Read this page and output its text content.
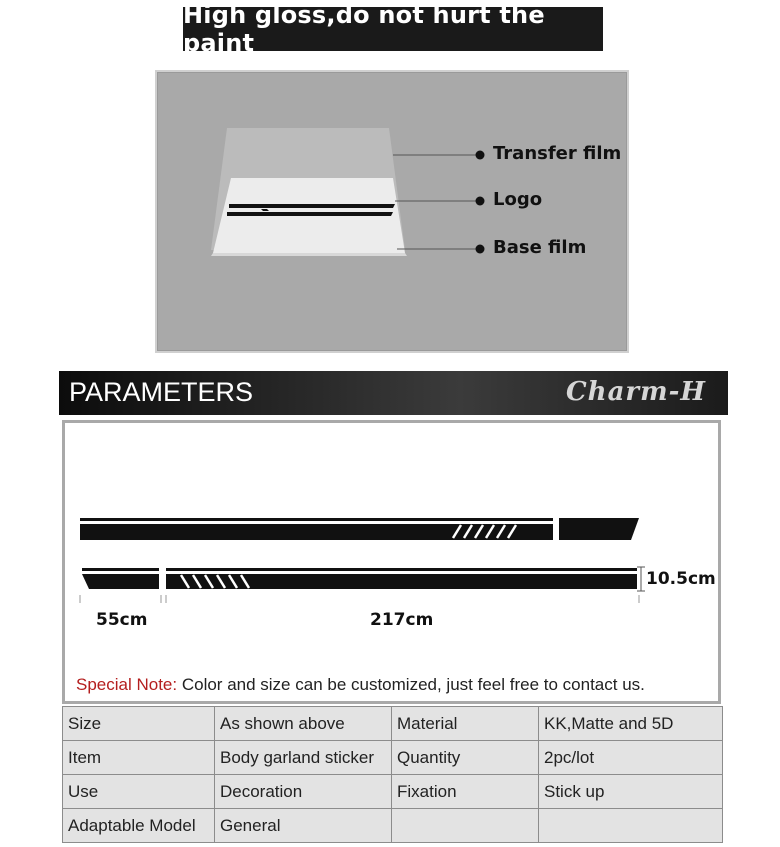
High gloss,do not hurt the paint
Transfer film
Logo
Base film
PARAMETERS	Charm-H
10.5cm
55cm	217cm
Special Note: Color and size can be customized, just feel free to contact us.
Size	As shown above	Material	KK,Matte and 5D
Item	Body garland sticker	Quantity	2pc/lot
Use	Decoration	Fixation	Stick up
Adaptable Model	General		
